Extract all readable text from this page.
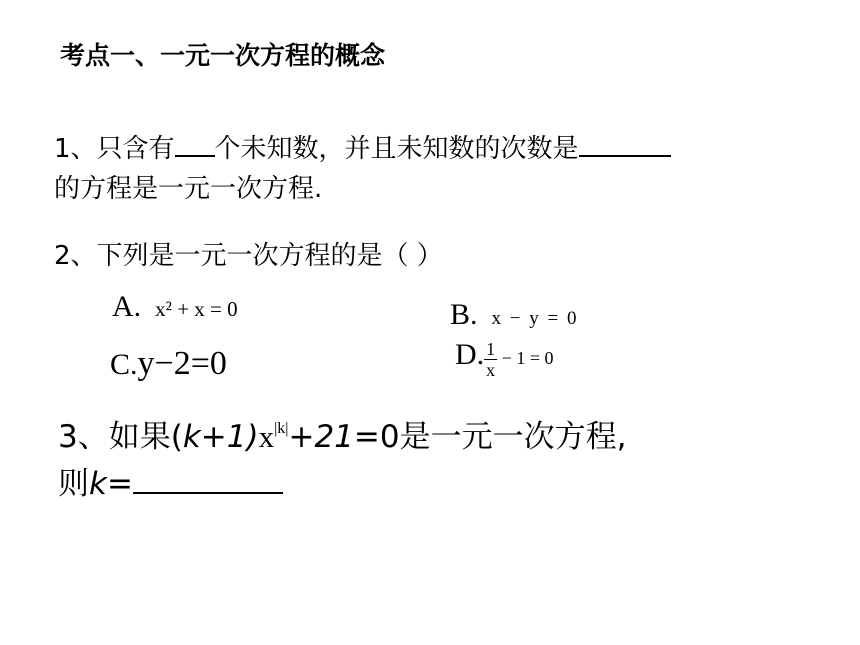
考点一、一元一次方程的概念
1、只含有 个未知数，并且未知数的次数是
的方程是一元一次方程.
2、下列是一元一次方程的是（ ）
A. x² + x = 0	B. x − y = 0
C.y−2=0	D. $\frac{1}{x} - 1 = 0$
3、如果$(k+1)x^{|k|}+21=0$是一元一次方程,
则k=
